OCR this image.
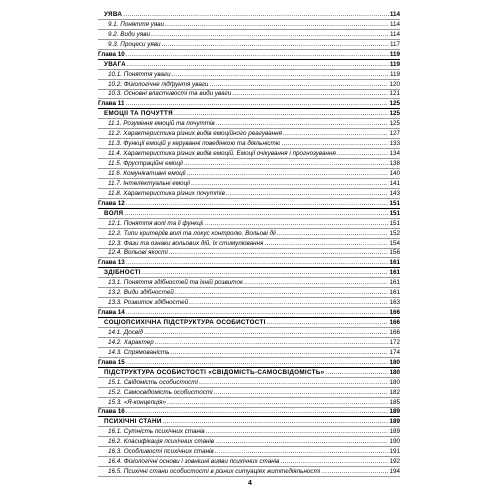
УЯВА .....	114
9.1. Поняття уяви .....	114
9.2. Види уяви .....	114
9.3. Процеси уяви .....	117
Глава 10 .....	119
УВАГА .....	119
10.1. Поняття уваги .....	119
10.2. Фізіологічне підґрунтя уваги .....	120
10.3. Основні властивості та види уваги .....	121
Глава 11 .....	125
ЕМОЦІЇ ТА ПОЧУТТЯ .....	125
11.1. Розуміння емоцій та почуттів .....	125
11.2. Характеристика різних видів емоційного реагування .....	127
11.3. Функції емоцій у керуванні поведінкою та діяльністю .....	133
11.4. Характеристика різних видів емоцій. Емоції очікування і прогнозування .....	134
11.5. Фрустраційні емоції .....	138
11.6. Комунікативні емоції .....	140
11.7. Інтелектуальні емоції .....	141
11.8. Характеристика різних почуттів .....	143
Глава 12 .....	151
ВОЛЯ .....	151
12.1. Поняття волі та її функції .....	151
12.2. Типи критеріїв волі та локус контролю. Вольові дії .....	152
12.3. Фази та ознаки вольових дій, їх стимулювання .....	154
12.4. Вольові якості .....	156
Глава 13 .....	161
ЗДІБНОСТІ .....	161
13.1. Поняття здібностей та їхній розвиток .....	161
13.2. Види здібностей .....	161
13.3. Розвиток здібностей .....	163
Глава 14 .....	166
СОЦІОПСИХІЧНА ПІДСТРУКТУРА ОСОБИСТОСТІ .....	166
14.1. Досвід .....	166
14.2. Характер .....	172
14.3. Спрямованість .....	174
Глава 15 .....	180
ПІДСТРУКТУРА ОСОБИСТОСТІ «СВІДОМІСТЬ-САМОСВІДОМІСТЬ» .....	180
15.1. Свідомість особистості .....	180
15.2. Самосвідомість особистості .....	182
15.3. «Я-концепція» .....	185
Глава 16 .....	189
ПСИХІЧНІ СТАНИ .....	189
16.1. Сутність психічних станів .....	189
16.2. Класифікація психічних станів .....	190
16.3. Особливості психічних станів .....	191
16.4. Фізіологічні основи і зовнішні вияви психічних станів .....	192
16.5. Психічні стани особистості в різних ситуаціях життєдіяльності .....	194
4
